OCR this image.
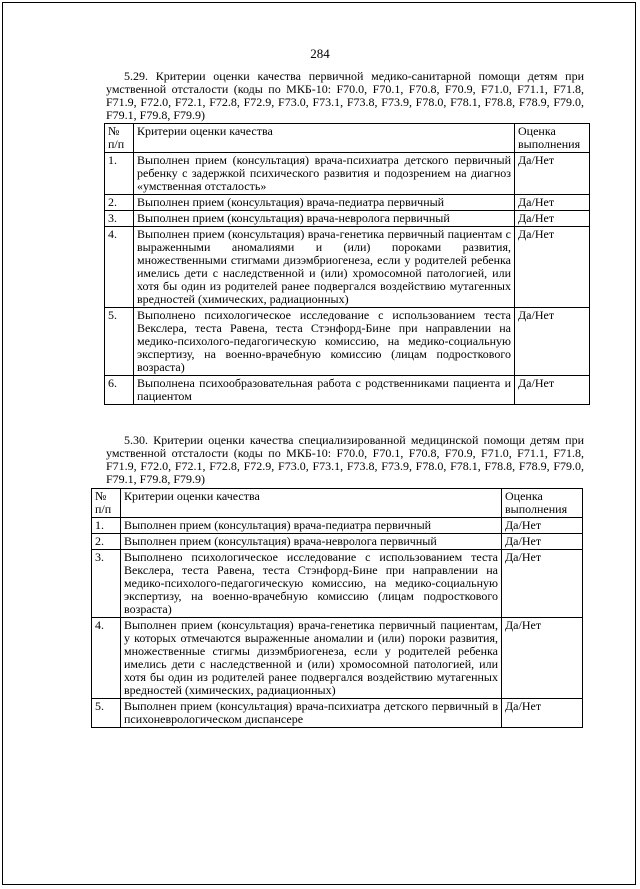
284
5.29. Критерии оценки качества первичной медико-санитарной помощи детям при умственной отсталости (коды по МКБ-10: F70.0, F70.1, F70.8, F70.9, F71.0, F71.1, F71.8, F71.9, F72.0, F72.1, F72.8, F72.9, F73.0, F73.1, F73.8, F73.9, F78.0, F78.1, F78.8, F78.9, F79.0, F79.1, F79.8, F79.9)
№ п/п	Критерии оценки качества	Оценка выполнения
1.	Выполнен прием (консультация) врача-психиатра детского первичный ребенку с задержкой психического развития и подозрением на диагноз «умственная отсталость»	Да/Нет
2.	Выполнен прием (консультация) врача-педиатра первичный	Да/Нет
3.	Выполнен прием (консультация) врача-невролога первичный	Да/Нет
4.	Выполнен прием (консультация) врача-генетика первичный пациентам с выраженными аномалиями и (или) пороками развития, множественными стигмами дизэмбриогенеза, если у родителей ребенка имелись дети с наследственной и (или) хромосомной патологией, или хотя бы один из родителей ранее подвергался воздействию мутагенных вредностей (химических, радиационных)	Да/Нет
5.	Выполнено психологическое исследование с использованием теста Векслера, теста Равена, теста Стэнфорд-Бине при направлении на медико-психолого-педагогическую комиссию, на медико-социальную экспертизу, на военно-врачебную комиссию (лицам подросткового возраста)	Да/Нет
6.	Выполнена психообразовательная работа с родственниками пациента и пациентом	Да/Нет
5.30. Критерии оценки качества специализированной медицинской помощи детям при умственной отсталости (коды по МКБ-10: F70.0, F70.1, F70.8, F70.9, F71.0, F71.1, F71.8, F71.9, F72.0, F72.1, F72.8, F72.9, F73.0, F73.1, F73.8, F73.9, F78.0, F78.1, F78.8, F78.9, F79.0, F79.1, F79.8, F79.9)
№ п/п	Критерии оценки качества	Оценка выполнения
1.	Выполнен прием (консультация) врача-педиатра первичный	Да/Нет
2.	Выполнен прием (консультация) врача-невролога первичный	Да/Нет
3.	Выполнено психологическое исследование с использованием теста Векслера, теста Равена, теста Стэнфорд-Бине при направлении на медико-психолого-педагогическую комиссию, на медико-социальную экспертизу, на военно-врачебную комиссию (лицам подросткового возраста)	Да/Нет
4.	Выполнен прием (консультация) врача-генетика первичный пациентам, у которых отмечаются выраженные аномалии и (или) пороки развития, множественные стигмы дизэмбриогенеза, если у родителей ребенка имелись дети с наследственной и (или) хромосомной патологией, или хотя бы один из родителей ранее подвергался воздействию мутагенных вредностей (химических, радиационных)	Да/Нет
5.	Выполнен прием (консультация) врача-психиатра детского первичный в психоневрологическом диспансере	Да/Нет
